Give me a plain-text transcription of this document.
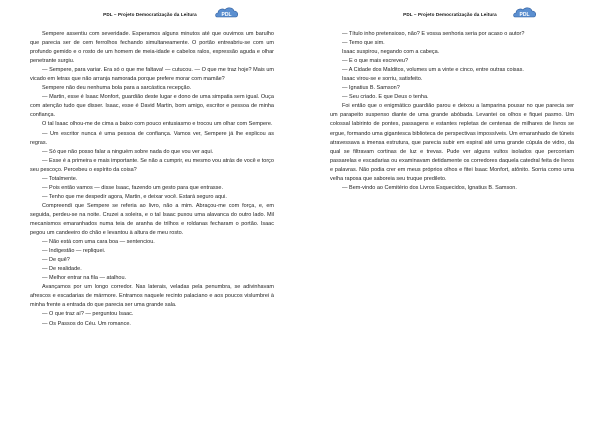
PDL – Projeto Democratização da Leitura	PDL

Sempere assentiu com severidade. Esperamos alguns minutos até que ouvimos um barulho que parecia ser de cem ferrolhos fechando simultaneamente. O portão entreabriu-se com um profundo gemido e o rosto de um homem de meia-idade e cabelos ralos, expressão aguda e olhar penetrante surgiu.

— Sempere, para variar. Era só o que me faltava! — cutucou. — O que me traz hoje? Mais um vicado em letras que não arranja namorada porque prefere morar com mamãe?

Sempere não deu nenhuma bola para a sarcástica recepção.

— Martin, esse é Isaac Monfort, guardião deste lugar e dono de uma simpatia sem igual. Ouça com atenção tudo que disser. Isaac, esse é David Martin, bom amigo, escritor e pessoa de minha confiança.

O tal Isaac olhou-me de cima a baixo com pouco entusiasmo e trocou um olhar com Sempere.

— Um escritor nunca é uma pessoa de confiança. Vamos ver, Sempere já lhe explicou as regras.

— Só que não posso falar a ninguém sobre nada do que vou ver aqui.

— Esse é a primeira e mais importante. Se não a cumprir, eu mesmo vou atrás de você e torço seu pescoço. Percebeu o espírito da coisa?

— Totalmente.

— Pois então vamos — disse Isaac, fazendo um gesto para que entrasse.

— Tenho que me despedir agora, Martin, e deixar você. Estará seguro aqui.

Compreendi que Sempere se referia ao livro, não a mim. Abraçou-me com força, e, em seguida, perdeu-se na noite. Cruzei a soleira, e o tal Isaac puxou uma alavanca do outro lado. Mil mecanismos emaranhados numa teia de aranha de trilhos e roldanas fecharam o portão. Isaac pegou um candeeiro do chão e levantou à altura de meu rosto.

— Não está com uma cara boa — sentenciou.

— Indigestão — repliquei.

— De quê?

— De realidade.

— Melhor entrar na fila — atalhou.

Avançamos por um longo corredor. Nas laterais, veladas pela penumbra, se adivinhavam afrescos e escadarias de mármore. Entramos naquele recinto palaciano e aos poucos vislumbrei à minha frente a entrada do que parecia ser uma grande sala.

— O que traz aí? — perguntou Isaac.

— Os Passos do Céu. Um romance.

PDL – Projeto Democratização da Leitura	PDL

— Título inho pretensioso, não? E vossa senhoria seria por acaso o autor?

— Temo que sim.

Isaac suspirou, negando com a cabeça.

— E o que mais escreveu?

— A Cidade dos Malditos, volumes um a vinte e cinco, entre outras coisas.

Isaac virou-se e sorriu, satisfeito.

— Ignatius B. Samson?

— Seu criado. E que Deus o tenha.

Foi então que o enigmático guardião parou e deixou a lamparina pousar no que parecia ser um parapeito suspenso diante de uma grande abóbada. Levantei os olhos e fiquei pasmo. Um colossal labirinto de pontes, passagens e estantes repletas de centenas de milhares de livros se ergue, formando uma gigantesca biblioteca de perspectivas impossíveis. Um emaranhado de túneis atravessava a imensa estrutura, que parecia subir em espiral até uma grande cúpula de vidro, da qual se filtravam cortinas de luz e trevas. Pude ver alguns vultos isolados que percorriam passarelas e escadarias ou examinavam detidamente os corredores daquela catedral feita de livros e palavras. Não podia crer em meus próprios olhos e fitei Isaac Monfort, atônito. Sorria como uma velha raposa que saboreia seu truque predileto.

— Bem-vindo ao Cemitério dos Livros Esquecidos, Ignatius B. Samson.
